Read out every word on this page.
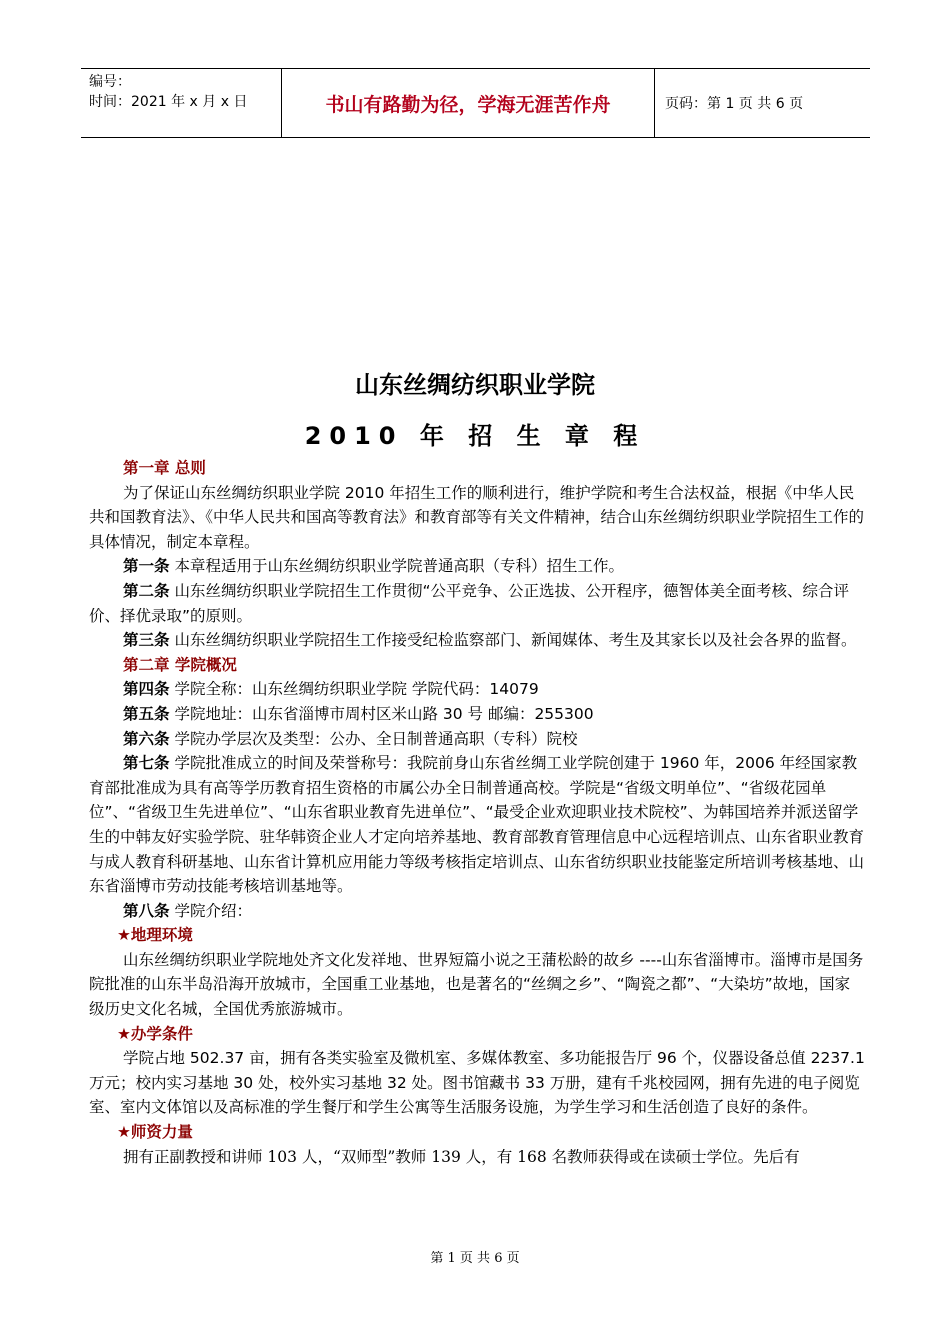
编号：
时间：2021 年 x 月 x 日	书山有路勤为径，学海无涯苦作舟	页码：第 1 页 共 6 页
山东丝绸纺织职业学院
2010 年 招 生 章 程

第一章 总则

为了保证山东丝绸纺织职业学院 2010 年招生工作的顺利进行，维护学院和考生合法权益，根据《中华人民共和国教育法》、《中华人民共和国高等教育法》和教育部等有关文件精神，结合山东丝绸纺织职业学院招生工作的具体情况，制定本章程。

第一条 本章程适用于山东丝绸纺织职业学院普通高职（专科）招生工作。

第二条 山东丝绸纺织职业学院招生工作贯彻“公平竞争、公正选拔、公开程序，德智体美全面考核、综合评价、择优录取”的原则。

第三条 山东丝绸纺织职业学院招生工作接受纪检监察部门、新闻媒体、考生及其家长以及社会各界的监督。

第二章 学院概况

第四条 学院全称：山东丝绸纺织职业学院 学院代码：14079

第五条 学院地址：山东省淄博市周村区米山路 30 号 邮编：255300

第六条 学院办学层次及类型：公办、全日制普通高职（专科）院校

第七条 学院批准成立的时间及荣誉称号：我院前身山东省丝绸工业学院创建于 1960 年，2006 年经国家教育部批准成为具有高等学历教育招生资格的市属公办全日制普通高校。学院是“省级文明单位”、“省级花园单位”、“省级卫生先进单位”、“山东省职业教育先进单位”、“最受企业欢迎职业技术院校”、为韩国培养并派送留学生的中韩友好实验学院、驻华韩资企业人才定向培养基地、教育部教育管理信息中心远程培训点、山东省职业教育与成人教育科研基地、山东省计算机应用能力等级考核指定培训点、山东省纺织职业技能鉴定所培训考核基地、山东省淄博市劳动技能考核培训基地等。

第八条 学院介绍：

★地理环境

山东丝绸纺织职业学院地处齐文化发祥地、世界短篇小说之王蒲松龄的故乡 ----山东省淄博市。淄博市是国务院批准的山东半岛沿海开放城市，全国重工业基地，也是著名的“丝绸之乡”、“陶瓷之都”、“大染坊”故地，国家级历史文化名城，全国优秀旅游城市。

★办学条件

学院占地 502.37 亩，拥有各类实验室及微机室、多媒体教室、多功能报告厅 96 个，仪器设备总值 2237.1 万元；校内实习基地 30 处，校外实习基地 32 处。图书馆藏书 33 万册，建有千兆校园网，拥有先进的电子阅览室、室内文体馆以及高标准的学生餐厅和学生公寓等生活服务设施，为学生学习和生活创造了良好的条件。

★师资力量

拥有正副教授和讲师 103 人，“双师型”教师 139 人，有 168 名教师获得或在读硕士学位。先后有

第 1 页 共 6 页
